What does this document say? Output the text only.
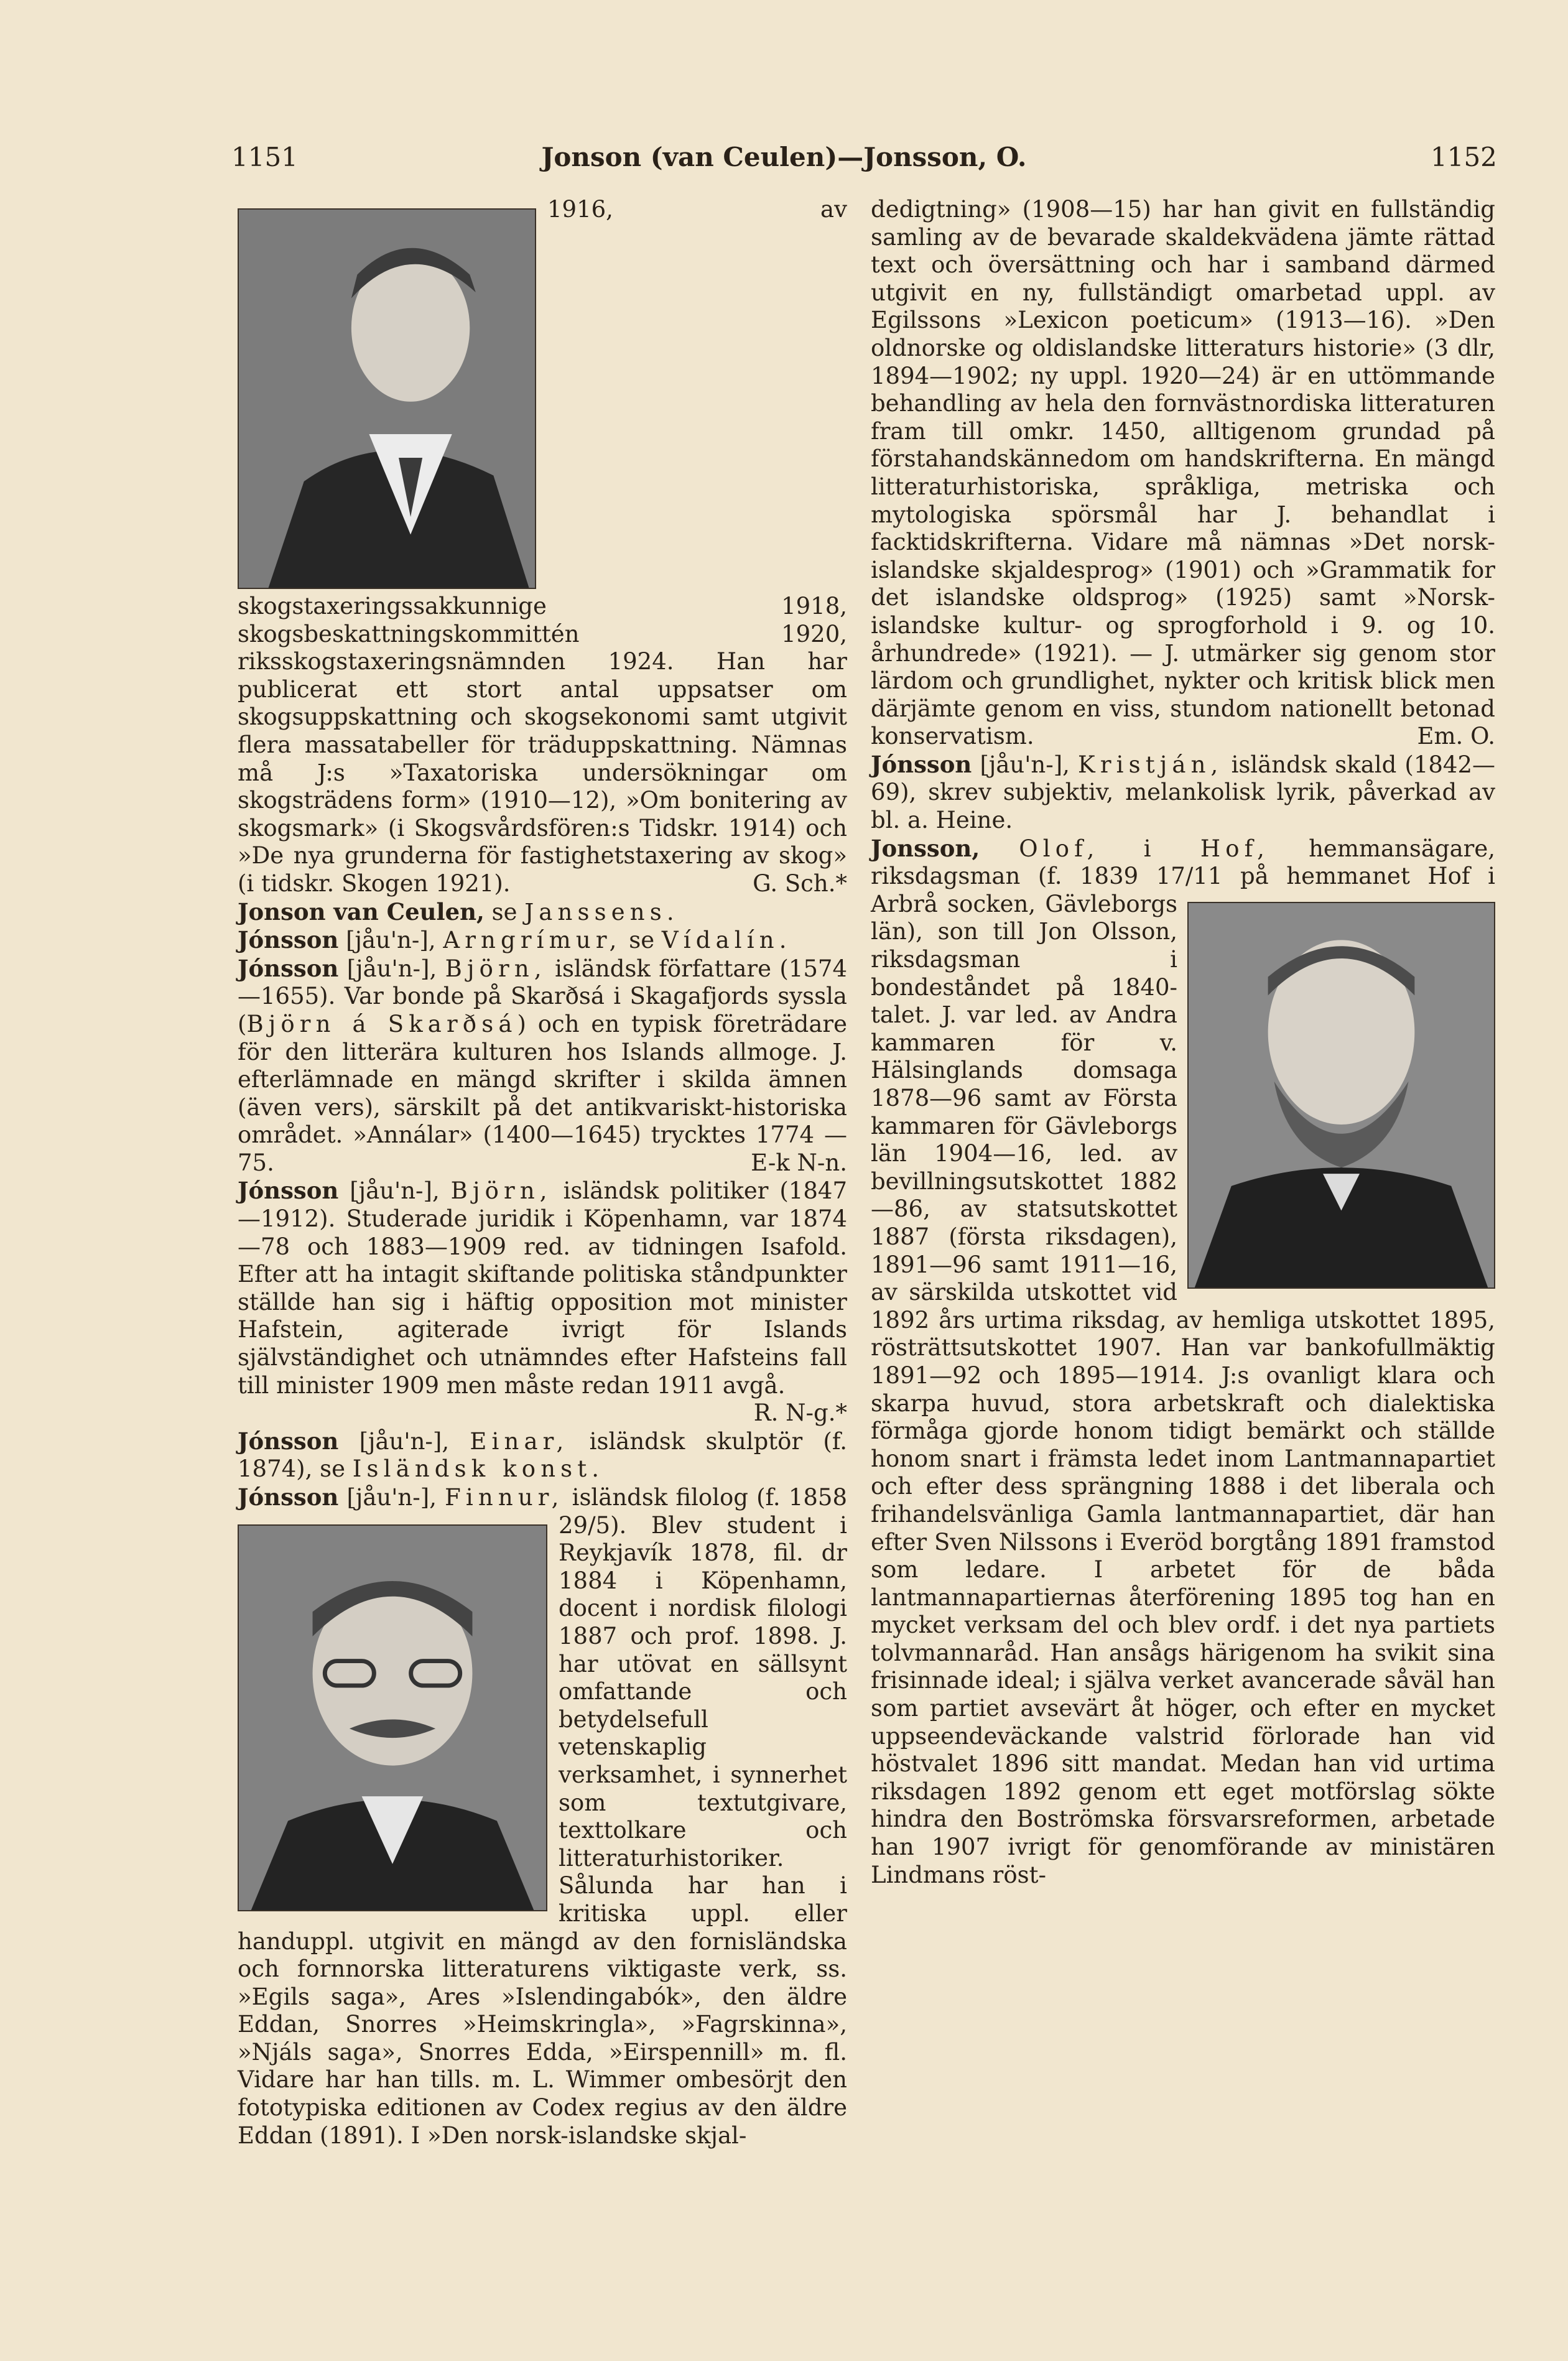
1151	Jonson (van Ceulen)—Jonsson, O.	1152

1916, av skogstaxeringssakkunnige 1918, skogsbeskattningskommittén 1920, riksskogstaxeringsnämnden 1924. Han har publicerat ett stort antal uppsatser om skogsuppskattning och skogsekonomi samt utgivit flera massatabeller för träduppskattning. Nämnas må J:s »Taxatoriska undersökningar om skogsträdens form» (1910—12), »Om bonitering av skogsmark» (i Skogsvårdsfören:s Tidskr. 1914) och »De nya grunderna för fastighetstaxering av skog» (i tidskr. Skogen 1921).	G. Sch.*

Jonson van Ceulen, se Janssens.

Jónsson [jåu'n-], Arngrímur, se Vídalín.

Jónsson [jåu'n-], Björn, isländsk författare (1574—1655). Var bonde på Skarðsá i Skagafjords syssla (Björn á Skarðsá) och en typisk företrädare för den litterära kulturen hos Islands allmoge. J. efterlämnade en mängd skrifter i skilda ämnen (även vers), särskilt på det antikvariskt-historiska området. »Annálar» (1400—1645) trycktes 1774 —75.	E-k N-n.

Jónsson [jåu'n-], Björn, isländsk politiker (1847—1912). Studerade juridik i Köpenhamn, var 1874—78 och 1883—1909 red. av tidningen Isafold. Efter att ha intagit skiftande politiska ståndpunkter ställde han sig i häftig opposition mot minister Hafstein, agiterade ivrigt för Islands självständighet och utnämndes efter Hafsteins fall till minister 1909 men måste redan 1911 avgå.
R. N-g.*

Jónsson [jåu'n-], Einar, isländsk skulptör (f. 1874), se Isländsk konst.

Jónsson [jåu'n-], Finnur, isländsk filolog (f. 1858 29/5
). Blev student i Reykjavík 1878, fil. dr 1884 i Köpenhamn, docent i nordisk filologi 1887 och prof. 1898. J. har utövat en sällsynt omfattande och betydelsefull vetenskaplig verksamhet, i synnerhet som textutgivare, texttolkare och litteraturhistoriker. Sålunda har han i kritiska uppl. eller handuppl. utgivit en mängd av den fornisländska och fornnorska litteraturens viktigaste verk, ss. »Egils saga», Ares »Islendingabók», den äldre Eddan, Snorres »Heimskringla», »Fagrskinna», »Njáls saga», Snorres Edda, »Eirspennill» m. fl. Vidare har han tills. m. L. Wimmer ombesörjt den fototypiska editionen av Codex regius av den äldre Eddan (1891). I »Den norsk-islandske skjal-

dedigtning» (1908—15) har han givit en fullständig samling av de bevarade skaldekvädena jämte rättad text och översättning och har i samband därmed utgivit en ny, fullständigt omarbetad uppl. av Egilssons »Lexicon poeticum» (1913—16). »Den oldnorske og oldislandske litteraturs historie» (3 dlr, 1894—1902; ny uppl. 1920—24) är en uttömmande behandling av hela den fornvästnordiska litteraturen fram till omkr. 1450, alltigenom grundad på förstahandskännedom om handskrifterna. En mängd litteraturhistoriska, språkliga, metriska och mytologiska spörsmål har J. behandlat i facktidskrifterna. Vidare må nämnas »Det norsk-islandske skjaldesprog» (1901) och »Grammatik for det islandske oldsprog» (1925) samt »Norsk-islandske kultur- og sprogforhold i 9. og 10. århundrede» (1921). — J. utmärker sig genom stor lärdom och grundlighet, nykter och kritisk blick men därjämte genom en viss, stundom nationellt betonad konservatism.	Em. O.

Jónsson [jåu'n-], Kristján, isländsk skald (1842—69), skrev subjektiv, melankolisk lyrik, påverkad av bl. a. Heine.

Jonsson, Olof, i Hof, hemmansägare, riksdagsman (f. 1839 17/11 på hemmanet Hof i Arbrå socken, Gävleborgs län), son till Jon Olsson, riksdagsman i bondeståndet på 1840-talet. J. var led. av Andra kammaren för v. Hälsinglands domsaga 1878—96 samt av Första kammaren för Gävleborgs län 1904—16, led. av bevillningsutskottet 1882—86, av statsutskottet 1887 (första riksdagen), 1891—96 samt 1911—16, av särskilda utskottet vid 1892 års urtima riksdag, av hemliga utskottet 1895, rösträttsutskottet 1907. Han var bankofullmäktig 1891—92 och 1895—1914. J:s ovanligt klara och skarpa huvud, stora arbetskraft och dialektiska förmåga gjorde honom tidigt bemärkt och ställde honom snart i främsta ledet inom Lantmannapartiet och efter dess sprängning 1888 i det liberala och frihandelsvänliga Gamla lantmannapartiet, där han efter Sven Nilssons i Everöd borgtång 1891 framstod som ledare. I arbetet för de båda lantmannapartiernas återförening 1895 tog han en mycket verksam del och blev ordf. i det nya partiets tolvmannaråd. Han ansågs härigenom ha svikit sina frisinnade ideal; i själva verket avancerade såväl han som partiet avsevärt åt höger, och efter en mycket uppseendeväckande valstrid förlorade han vid höstvalet 1896 sitt mandat. Medan han vid urtima riksdagen 1892 genom ett eget motförslag sökte hindra den Boströmska försvarsreformen, arbetade han 1907 ivrigt för genomförande av ministären Lindmans röst-
